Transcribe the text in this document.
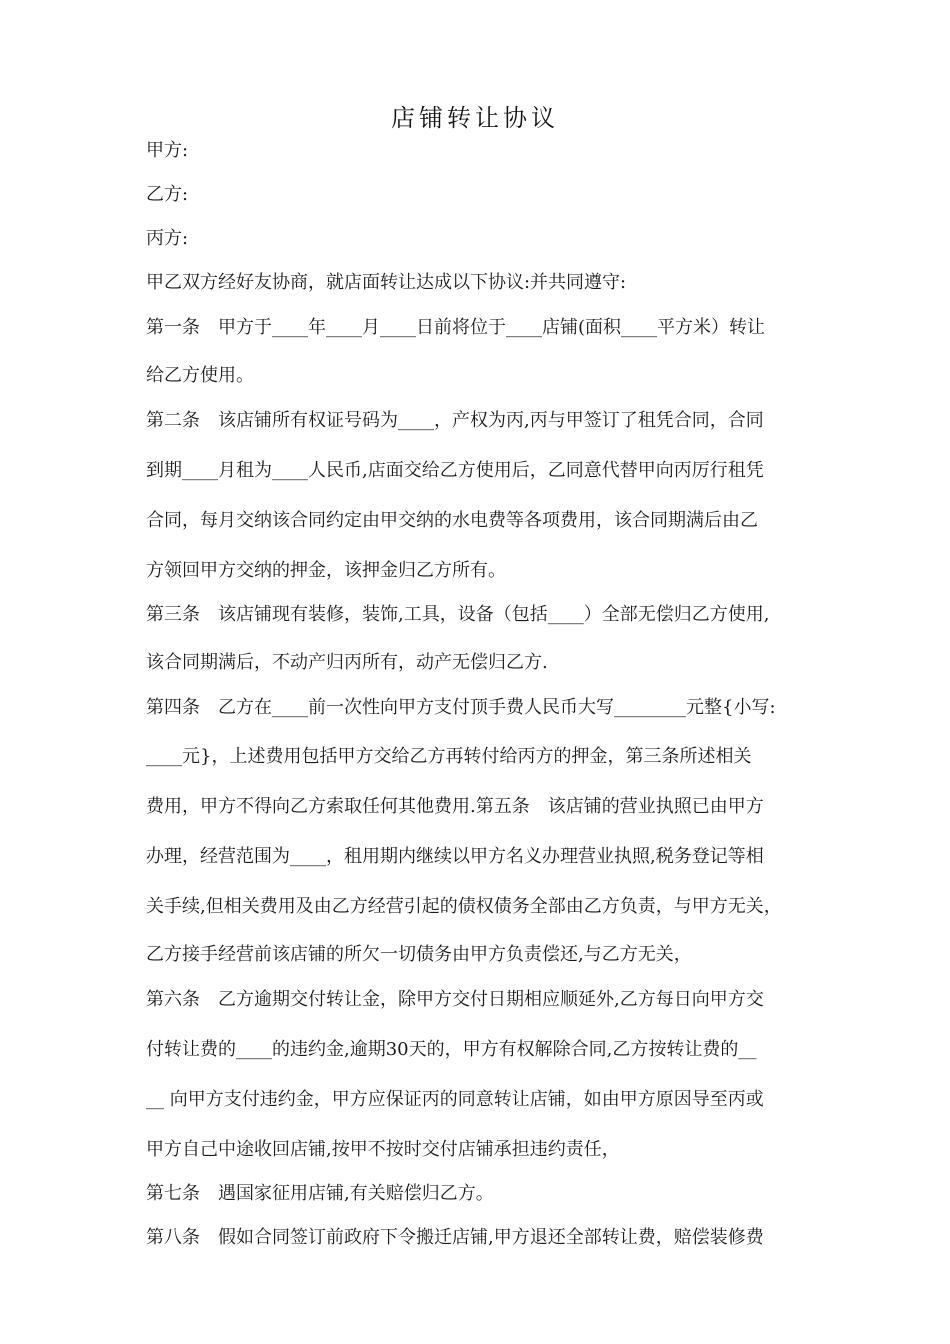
店铺转让协议
甲方:
乙方:
丙方:
甲乙双方经好友协商，就店面转让达成以下协议:并共同遵守:
第一条　甲方于____年____月____日前将位于____店铺(面积____平方米）转让
给乙方使用。
第二条　该店铺所有权证号码为____，产权为丙,丙与甲签订了租凭合同，合同
到期____月租为____人民币,店面交给乙方使用后，乙同意代替甲向丙厉行租凭
合同，每月交纳该合同约定由甲交纳的水电费等各项费用，该合同期满后由乙
方领回甲方交纳的押金，该押金归乙方所有。
第三条　该店铺现有装修，装饰,工具，设备（包括____）全部无偿归乙方使用,
该合同期满后，不动产归丙所有，动产无偿归乙方.
第四条　乙方在____前一次性向甲方支付顶手费人民币大写________元整{小写:
____元}，上述费用包括甲方交给乙方再转付给丙方的押金，第三条所述相关
费用，甲方不得向乙方索取任何其他费用.第五条　该店铺的营业执照已由甲方
办理，经营范围为____，租用期内继续以甲方名义办理营业执照,税务登记等相
关手续,但相关费用及由乙方经营引起的债权债务全部由乙方负责，与甲方无关，
乙方接手经营前该店铺的所欠一切债务由甲方负责偿还,与乙方无关，
第六条　乙方逾期交付转让金，除甲方交付日期相应顺延外,乙方每日向甲方交
付转让费的____的违约金,逾期30天的，甲方有权解除合同,乙方按转让费的__
__ 向甲方支付违约金，甲方应保证丙的同意转让店铺，如由甲方原因导至丙或
甲方自己中途收回店铺,按甲不按时交付店铺承担违约责任，
第七条　遇国家征用店铺,有关赔偿归乙方。
第八条　假如合同签订前政府下令搬迁店铺,甲方退还全部转让费，赔偿装修费
